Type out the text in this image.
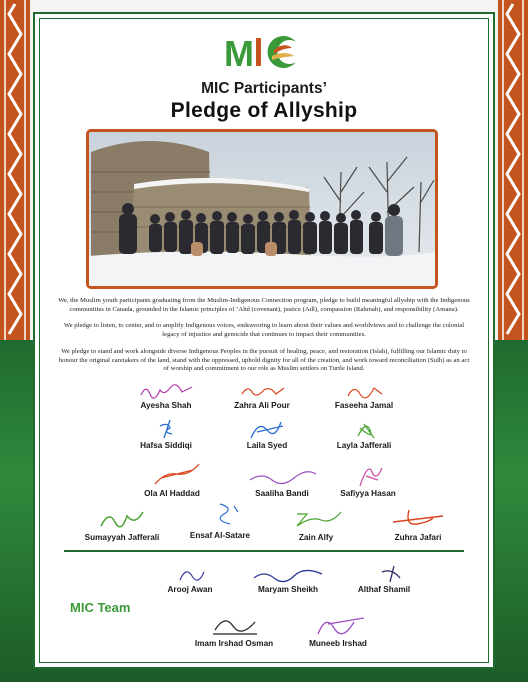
M
MIC Participants’
Pledge of Allyship

We, the Muslim youth participants graduating from the Muslim-Indigenous Connection program, pledge to build meaningful allyship with the Indigenous communities in Canada, grounded in the Islamic principles of ’Ahd (covenant), justice (Adl), compassion (Rahmah), and responsibility (Amana).

We pledge to listen, to center, and to amplify Indigenous voices, endeavoring to learn about their values and worldviews and to challenge the colonial legacy of injustice and genocide that continues to impact their communities.

We pledge to stand and work alongside diverse Indigenous Peoples in the pursuit of healing, peace, and restoration (Islah), fulfilling our Islamic duty to honour the original caretakers of the land, stand with the oppressed, uphold dignity for all of the creation, and work toward reconciliation (Sulh) as an act of worship and commitment to our role as Muslim settlers on Turtle Island.

Ayesha Shah	Zahra Ali Pour	Faseeha Jamal
Hafsa Siddiqi	Laila Syed	Layla Jafferali
Ola Al Haddad	Saaliha Bandi	Safiyya Hasan
Sumayyah Jafferali	Ensaf Al-Satare	Zain Alfy	Zuhra Jafari
MIC Team
Arooj Awan	Maryam Sheikh	Althaf Shamil
Imam Irshad Osman	Muneeb Irshad
